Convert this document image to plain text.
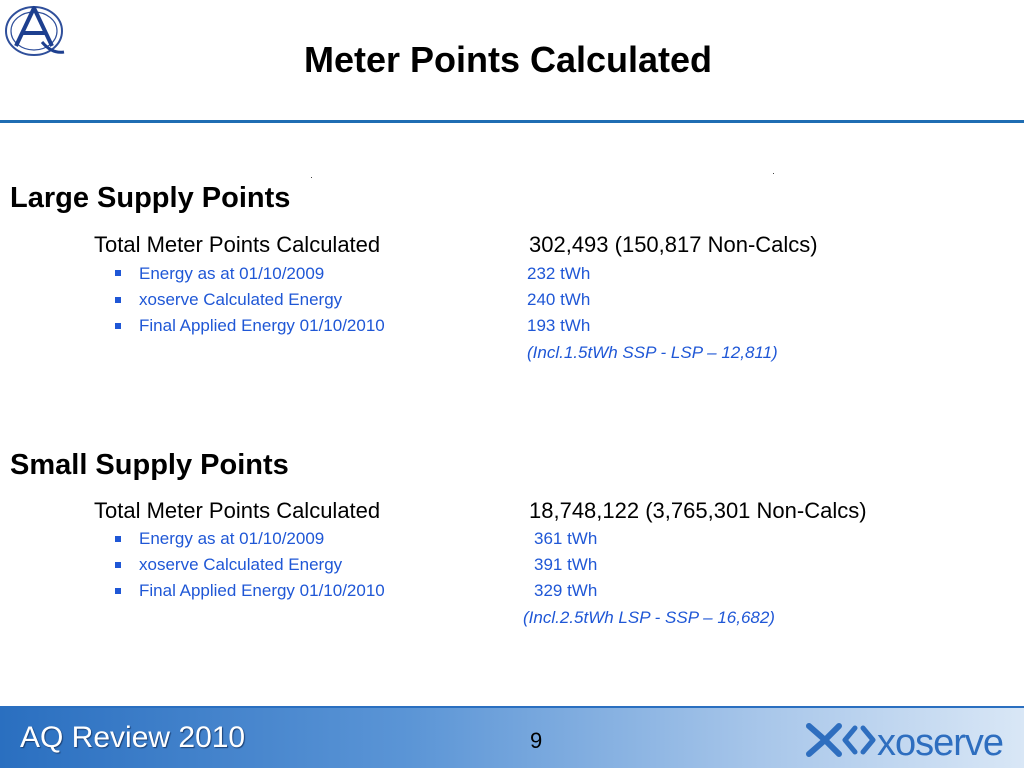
Meter Points Calculated
Large Supply Points
Total Meter Points Calculated	302,493 (150,817 Non-Calcs)
Energy as at 01/10/2009	232 tWh
xoserve Calculated Energy	240 tWh
Final Applied Energy 01/10/2010	193 tWh
(Incl.1.5tWh SSP - LSP – 12,811)
Small Supply Points
Total Meter Points Calculated	18,748,122 (3,765,301 Non-Calcs)
Energy as at 01/10/2009	361 tWh
xoserve Calculated Energy	391 tWh
Final Applied Energy 01/10/2010	329 tWh
(Incl.2.5tWh LSP - SSP – 16,682)
AQ Review 2010	9	xoserve
